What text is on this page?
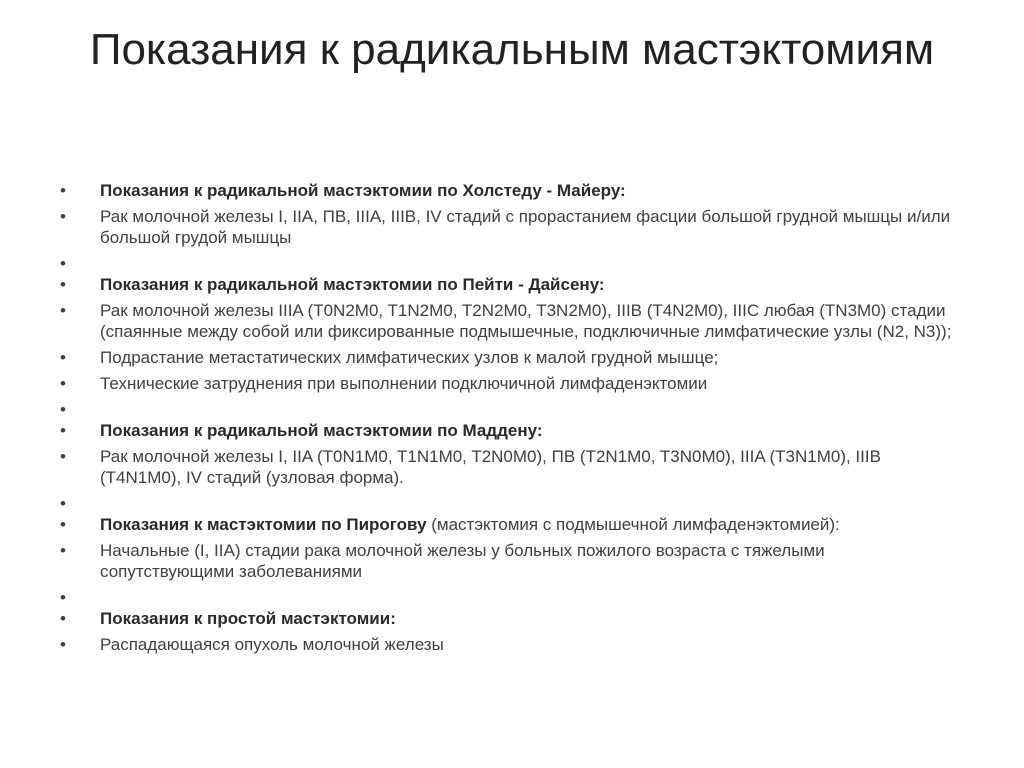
Показания к радикальным мастэктомиям
•	Показания к радикальной мастэктомии по Холстеду - Майеру:
•	Рак молочной железы I, IIA, ПВ, IIIA, IIIB, IV стадий с прорастанием фасции большой грудной мышцы и/или большой грудой мышцы
•
•	Показания к радикальной мастэктомии по Пейти - Дайсену:
•	Рак молочной железы IIIA (T0N2M0, T1N2M0, T2N2M0, T3N2M0), IIIB (T4N2M0), IIIC любая (TN3M0) стадии (спаянные между собой или фиксированные подмышечные, подключичные лимфатические узлы (N2, N3));
•	Подрастание метастатических лимфатических узлов к малой грудной мышце;
•	Технические затруднения при выполнении подключичной лимфаденэктомии
•
•	Показания к радикальной мастэктомии по Маддену:
•	Рак молочной железы I, IIA (T0N1M0, T1N1M0, T2N0M0), ПВ (T2N1M0, T3N0M0), IIIA (T3N1M0), IIIB (T4N1M0), IV стадий (узловая форма).
•
•	Показания к мастэктомии по Пирогову (мастэктомия с подмышечной лимфаденэктомией):
•	Начальные (I, IIA) стадии рака молочной железы у больных пожилого возраста с тяжелыми сопутствующими заболеваниями
•
•	Показания к простой мастэктомии:
•	Распадающаяся опухоль молочной железы
